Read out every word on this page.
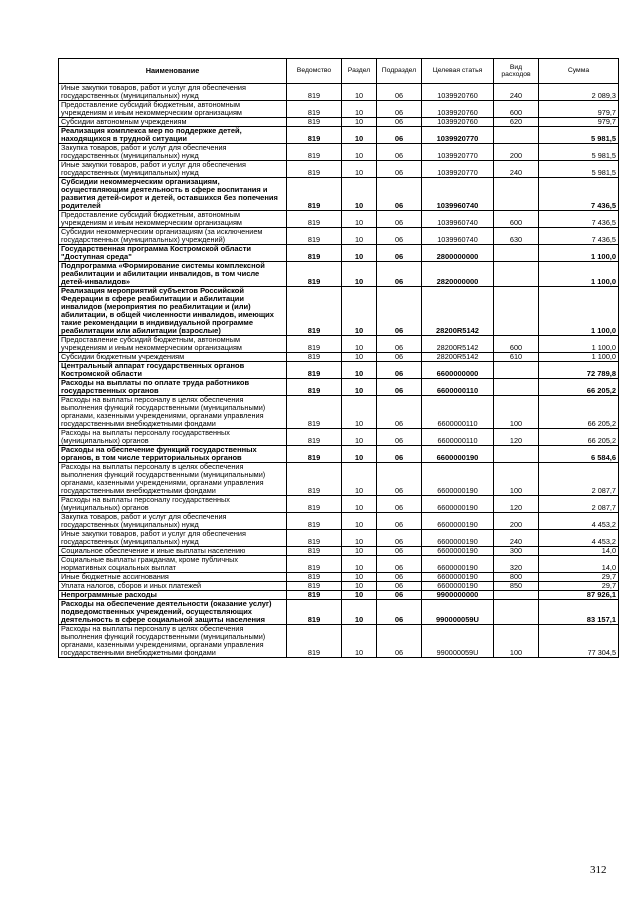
Наименование	Ведомство	Раздел	Подраздел	Целевая статья	Вид расходов	Сумма
Иные закупки товаров, работ и услуг для обеспечения государственных (муниципальных) нужд	819	10	06	1039920760	240	2 089,3
Предоставление субсидий бюджетным, автономным учреждениям и иным некоммерческим организациям	819	10	06	1039920760	600	979,7
Субсидии автономным учреждениям	819	10	06	1039920760	620	979,7
Реализация комплекса мер по поддержке детей, находящихся в трудной ситуации	819	10	06	1039920770		5 981,5
Закупка товаров, работ и услуг для обеспечения государственных (муниципальных) нужд	819	10	06	1039920770	200	5 981,5
Иные закупки товаров, работ и услуг для обеспечения государственных (муниципальных) нужд	819	10	06	1039920770	240	5 981,5
Субсидии некоммерческим организациям, осуществляющим деятельность в сфере воспитания и развития детей-сирот и детей, оставшихся без попечения родителей	819	10	06	1039960740		7 436,5
Предоставление субсидий бюджетным, автономным учреждениям и иным некоммерческим организациям	819	10	06	1039960740	600	7 436,5
Субсидии некоммерческим организациям (за исключением государственных (муниципальных) учреждений)	819	10	06	1039960740	630	7 436,5
Государственная программа Костромской области "Доступная среда"	819	10	06	2800000000		1 100,0
Подпрограмма «Формирование системы комплексной реабилитации и абилитации инвалидов, в том числе детей-инвалидов»	819	10	06	2820000000		1 100,0
Реализация мероприятий субъектов Российской Федерации в сфере реабилитации и абилитации инвалидов (мероприятия по реабилитации и (или) абилитации, в общей численности инвалидов, имеющих такие рекомендации в индивидуальной программе реабилитации или абилитации (взрослые)	819	10	06	28200R5142		1 100,0
Предоставление субсидий бюджетным, автономным учреждениям и иным некоммерческим организациям	819	10	06	28200R5142	600	1 100,0
Субсидии бюджетным учреждениям	819	10	06	28200R5142	610	1 100,0
Центральный аппарат государственных органов Костромской области	819	10	06	6600000000		72 789,8
Расходы на выплаты по оплате труда работников государственных органов	819	10	06	6600000110		66 205,2
Расходы на выплаты персоналу в целях обеспечения выполнения функций государственными (муниципальными) органами, казенными учреждениями, органами управления государственными внебюджетными фондами	819	10	06	6600000110	100	66 205,2
Расходы на выплаты персоналу государственных (муниципальных) органов	819	10	06	6600000110	120	66 205,2
Расходы на обеспечение функций государственных органов, в том числе территориальных органов	819	10	06	6600000190		6 584,6
Расходы на выплаты персоналу в целях обеспечения выполнения функций государственными (муниципальными) органами, казенными учреждениями, органами управления государственными внебюджетными фондами	819	10	06	6600000190	100	2 087,7
Расходы на выплаты персоналу государственных (муниципальных) органов	819	10	06	6600000190	120	2 087,7
Закупка товаров, работ и услуг для обеспечения государственных (муниципальных) нужд	819	10	06	6600000190	200	4 453,2
Иные закупки товаров, работ и услуг для обеспечения государственных (муниципальных) нужд	819	10	06	6600000190	240	4 453,2
Социальное обеспечение и иные выплаты населению	819	10	06	6600000190	300	14,0
Социальные выплаты гражданам, кроме публичных нормативных социальных выплат	819	10	06	6600000190	320	14,0
Иные бюджетные ассигнования	819	10	06	6600000190	800	29,7
Уплата налогов, сборов и иных платежей	819	10	06	6600000190	850	29,7
Непрограммные расходы	819	10	06	9900000000		87 926,1
Расходы на обеспечение деятельности (оказание услуг) подведомственных учреждений, осуществляющих деятельность в сфере социальной защиты населения	819	10	06	990000059U		83 157,1
Расходы на выплаты персоналу в целях обеспечения выполнения функций государственными (муниципальными) органами, казенными учреждениями, органами управления государственными внебюджетными фондами	819	10	06	990000059U	100	77 304,5
312
